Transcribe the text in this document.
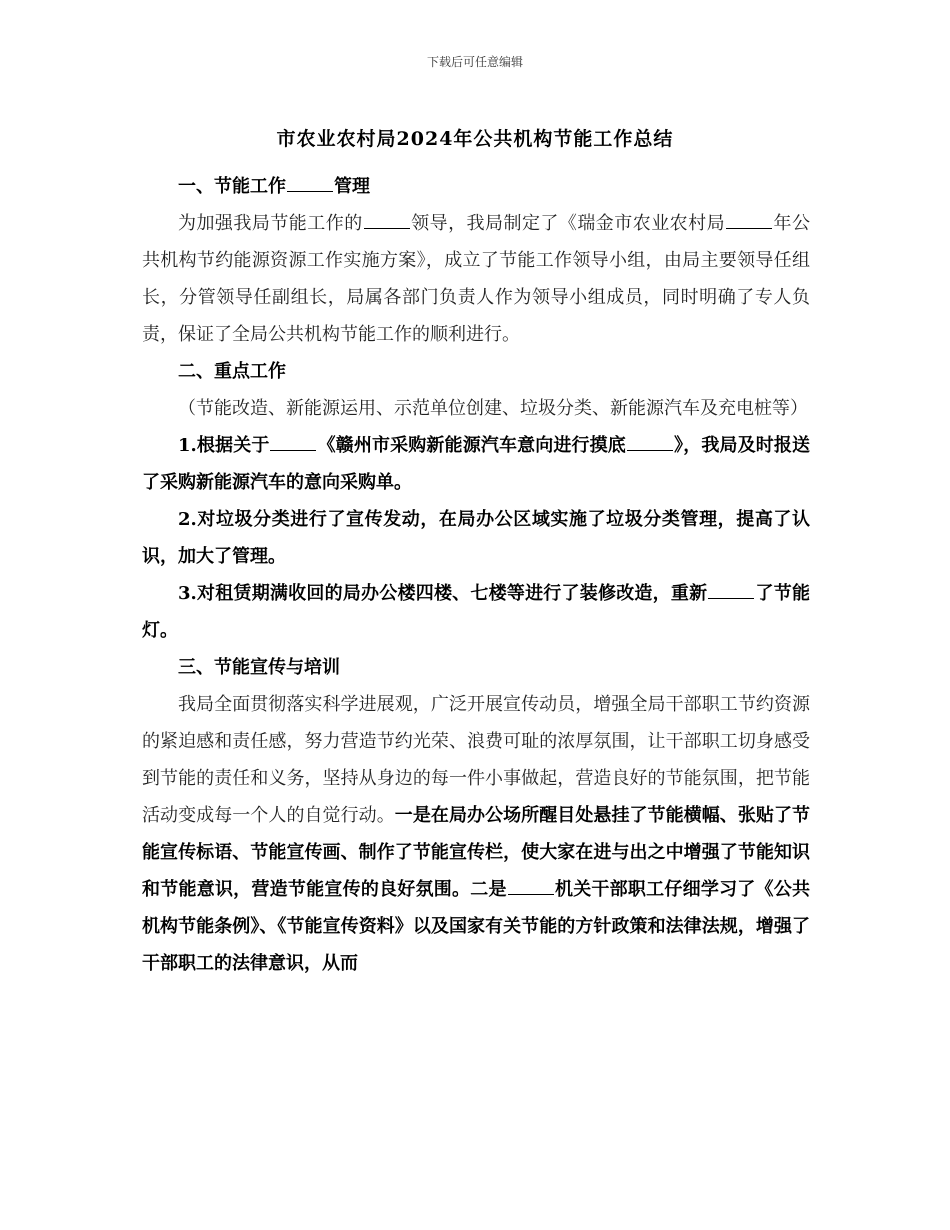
下载后可任意编辑
市农业农村局2024年公共机构节能工作总结

一、节能工作	管理

为加强我局节能工作的	领导，我局制定了《瑞金市农业农村局	年公共机构节约能源资源工作实施方案》，成立了节能工作领导小组，由局主要领导任组长，分管领导任副组长，局属各部门负责人作为领导小组成员，同时明确了专人负责，保证了全局公共机构节能工作的顺利进行。

二、重点工作

（节能改造、新能源运用、示范单位创建、垃圾分类、新能源汽车及充电桩等）

1.根据关于	《赣州市采购新能源汽车意向进行摸底	》，我局及时报送了采购新能源汽车的意向采购单。

2.对垃圾分类进行了宣传发动，在局办公区域实施了垃圾分类管理，提高了认识，加大了管理。

3.对租赁期满收回的局办公楼四楼、七楼等进行了装修改造，重新	了节能灯。

三、节能宣传与培训

我局全面贯彻落实科学进展观，广泛开展宣传动员，增强全局干部职工节约资源的紧迫感和责任感，努力营造节约光荣、浪费可耻的浓厚氛围，让干部职工切身感受到节能的责任和义务，坚持从身边的每一件小事做起，营造良好的节能氛围，把节能活动变成每一个人的自觉行动。一是在局办公场所醒目处悬挂了节能横幅、张贴了节能宣传标语、节能宣传画、制作了节能宣传栏，使大家在进与出之中增强了节能知识和节能意识，营造节能宣传的良好氛围。二是	机关干部职工仔细学习了《公共机构节能条例》、《节能宣传资料》以及国家有关节能的方针政策和法律法规，增强了干部职工的法律意识，从而
